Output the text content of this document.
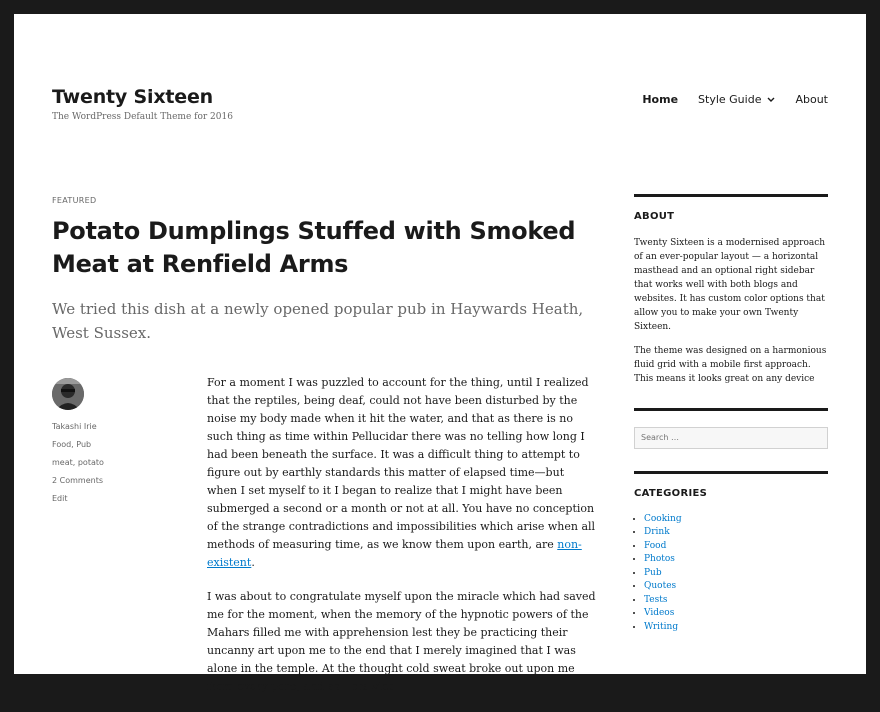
Twenty Sixteen
The WordPress Default Theme for 2016
Home Style Guide	About
FEATURED
Potato Dumplings Stuffed with Smoked Meat at Renfield Arms
We tried this dish at a newly opened popular pub in Haywards Heath, West Sussex.
Takashi Irie
Food, Pub
meat, potato
2 Comments
Edit

For a moment I was puzzled to account for the thing, until I realized that the reptiles, being deaf, could not have been disturbed by the noise my body made when it hit the water, and that as there is no such thing as time within Pellucidar there was no telling how long I had been beneath the surface. It was a difficult thing to attempt to figure out by earthly standards this matter of elapsed time—but when I set myself to it I began to realize that I might have been submerged a second or a month or not at all. You have no conception of the strange contradictions and impossibilities which arise when all methods of measuring time, as we know them upon earth, are non-existent.

I was about to congratulate myself upon the miracle which had saved me for the moment, when the memory of the hypnotic powers of the Mahars filled me with apprehension lest they be practicing their uncanny art upon me to the end that I merely imagined that I was alone in the temple. At the thought cold sweat broke out upon me from every pore, and as I crawled

ABOUT

Twenty Sixteen is a modernised approach of an ever-popular layout — a horizontal masthead and an optional right sidebar that works well with both blogs and websites. It has custom color options that allow you to make your own Twenty Sixteen.

The theme was designed on a harmonious fluid grid with a mobile first approach. This means it looks great on any device

Search …
CATEGORIES
• Cooking
• Drink
• Food
• Photos
• Pub
• Quotes
• Tests
• Videos
• Writing
